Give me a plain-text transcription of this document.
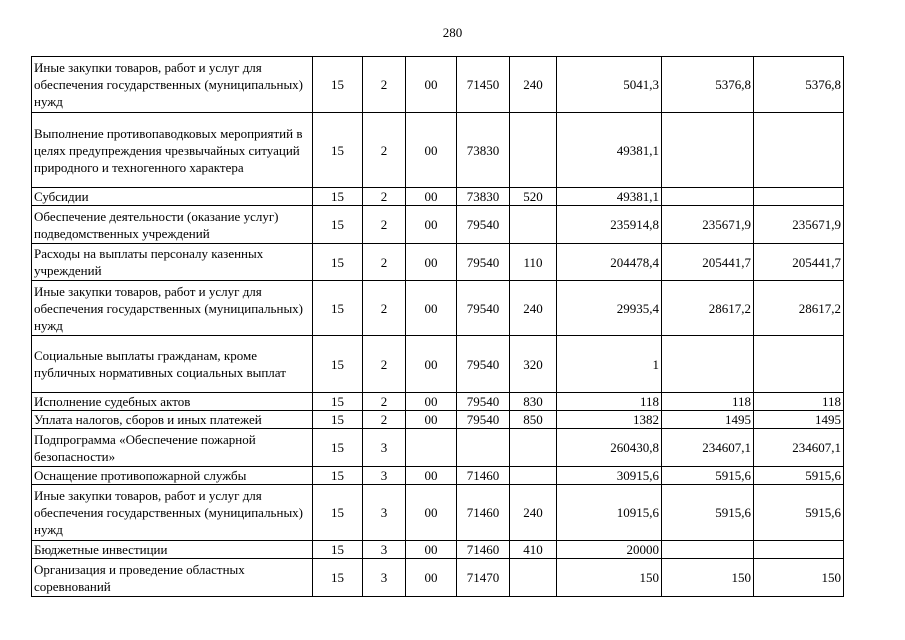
280
Иные закупки товаров, работ и услуг для обеспечения государственных (муниципальных) нужд	15	2	00	71450	240	5041,3	5376,8	5376,8
Выполнение противопаводковых мероприятий в целях предупреждения чрезвычайных ситуаций природного и техногенного характера	15	2	00	73830		49381,1		
Субсидии	15	2	00	73830	520	49381,1		
Обеспечение деятельности (оказание услуг) подведомственных учреждений	15	2	00	79540		235914,8	235671,9	235671,9
Расходы на выплаты персоналу казенных учреждений	15	2	00	79540	110	204478,4	205441,7	205441,7
Иные закупки товаров, работ и услуг для обеспечения государственных (муниципальных) нужд	15	2	00	79540	240	29935,4	28617,2	28617,2
Социальные выплаты гражданам, кроме публичных нормативных социальных выплат	15	2	00	79540	320	1		
Исполнение судебных актов	15	2	00	79540	830	118	118	118
Уплата налогов, сборов и иных платежей	15	2	00	79540	850	1382	1495	1495
Подпрограмма «Обеспечение пожарной безопасности»	15	3				260430,8	234607,1	234607,1
Оснащение противопожарной службы	15	3	00	71460		30915,6	5915,6	5915,6
Иные закупки товаров, работ и услуг для обеспечения государственных (муниципальных) нужд	15	3	00	71460	240	10915,6	5915,6	5915,6
Бюджетные инвестиции	15	3	00	71460	410	20000		
Организация и проведение областных соревнований	15	3	00	71470		150	150	150
